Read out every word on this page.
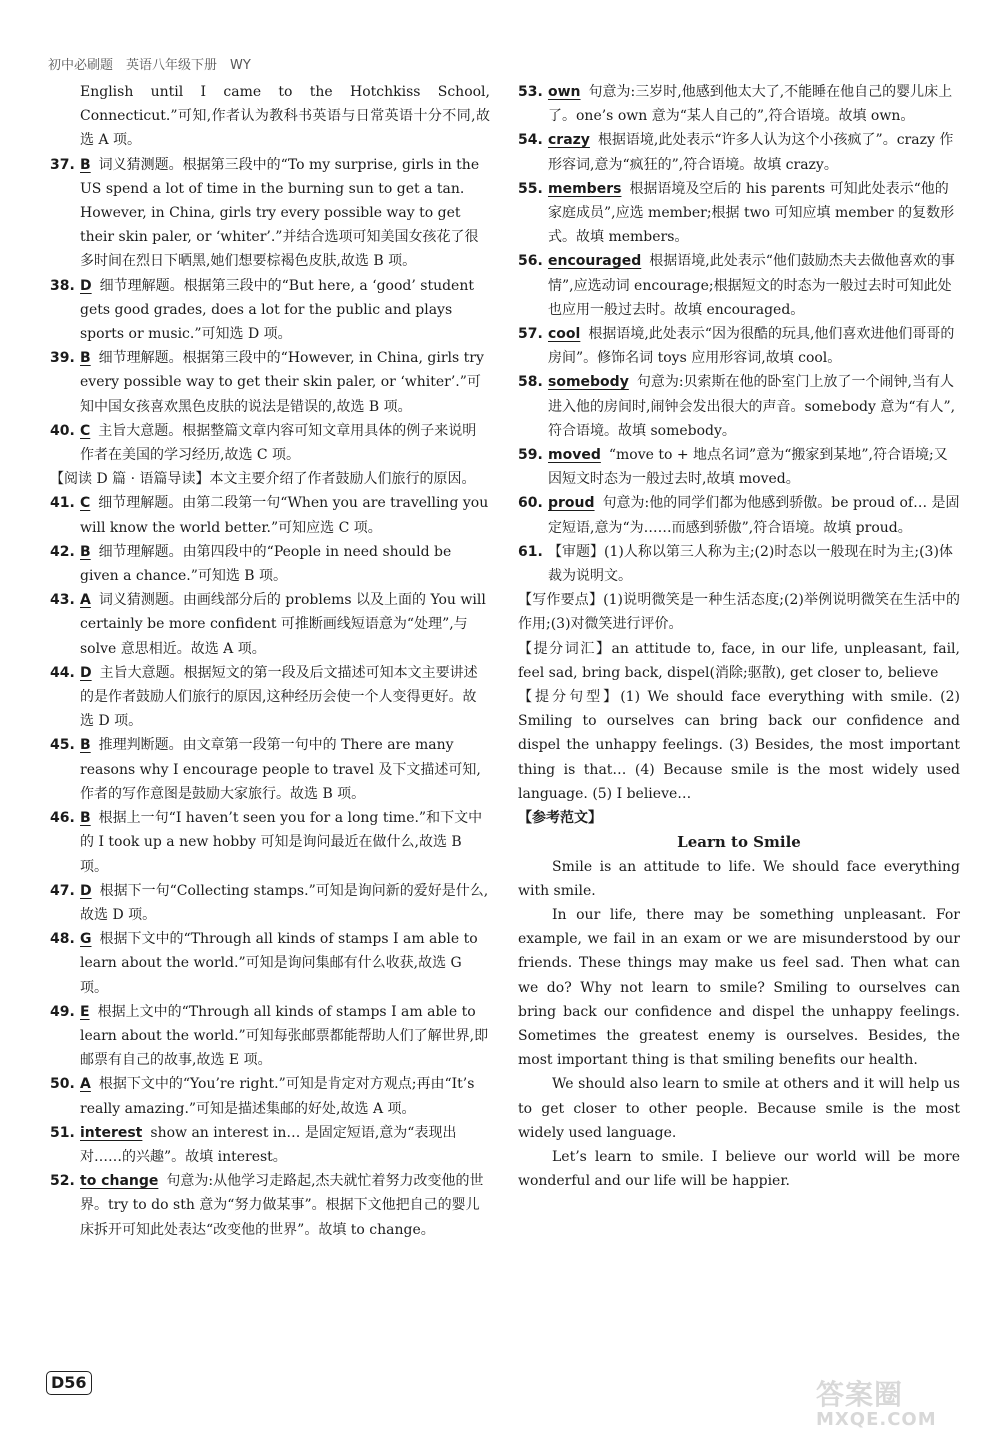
初中必刷题　英语八年级下册　WY
English until I came to the Hotchkiss School, Connecticut.”可知,作者认为教科书英语与日常英语十分不同,故选 A 项。
37. B 词义猜测题。根据第三段中的“To my surprise, girls in the US spend a lot of time in the burning sun to get a tan. However, in China, girls try every possible way to get their skin paler, or ‘whiter’.”并结合选项可知美国女孩花了很多时间在烈日下晒黑,她们想要棕褐色皮肤,故选 B 项。
38. D 细节理解题。根据第三段中的“But here, a ‘good’ student gets good grades, does a lot for the public and plays sports or music.”可知选 D 项。
39. B 细节理解题。根据第三段中的“However, in China, girls try every possible way to get their skin paler, or ‘whiter’.”可知中国女孩喜欢黑色皮肤的说法是错误的,故选 B 项。
40. C 主旨大意题。根据整篇文章内容可知文章用具体的例子来说明作者在美国的学习经历,故选 C 项。
【阅读 D 篇 · 语篇导读】本文主要介绍了作者鼓励人们旅行的原因。
41. C 细节理解题。由第二段第一句“When you are travelling you will know the world better.”可知应选 C 项。
42. B 细节理解题。由第四段中的“People in need should be given a chance.”可知选 B 项。
43. A 词义猜测题。由画线部分后的 problems 以及上面的 You will certainly be more confident 可推断画线短语意为“处理”,与 solve 意思相近。故选 A 项。
44. D 主旨大意题。根据短文的第一段及后文描述可知本文主要讲述的是作者鼓励人们旅行的原因,这种经历会使一个人变得更好。故选 D 项。
45. B 推理判断题。由文章第一段第一句中的 There are many reasons why I encourage people to travel 及下文描述可知,作者的写作意图是鼓励大家旅行。故选 B 项。
46. B 根据上一句“I haven’t seen you for a long time.”和下文中的 I took up a new hobby 可知是询问最近在做什么,故选 B 项。
47. D 根据下一句“Collecting stamps.”可知是询问新的爱好是什么,故选 D 项。
48. G 根据下文中的“Through all kinds of stamps I am able to learn about the world.”可知是询问集邮有什么收获,故选 G 项。
49. E 根据上文中的“Through all kinds of stamps I am able to learn about the world.”可知每张邮票都能帮助人们了解世界,即邮票有自己的故事,故选 E 项。
50. A 根据下文中的“You’re right.”可知是肯定对方观点;再由“It’s really amazing.”可知是描述集邮的好处,故选 A 项。
51. interest show an interest in… 是固定短语,意为“表现出对……的兴趣”。故填 interest。
52. to change 句意为:从他学习走路起,杰夫就忙着努力改变他的世界。try to do sth 意为“努力做某事”。根据下文他把自己的婴儿床拆开可知此处表达“改变他的世界”。故填 to change。
53. own 句意为:三岁时,他感到他太大了,不能睡在他自己的婴儿床上了。one’s own 意为“某人自己的”,符合语境。故填 own。
54. crazy 根据语境,此处表示“许多人认为这个小孩疯了”。crazy 作形容词,意为“疯狂的”,符合语境。故填 crazy。
55. members 根据语境及空后的 his parents 可知此处表示“他的家庭成员”,应选 member;根据 two 可知应填 member 的复数形式。故填 members。
56. encouraged 根据语境,此处表示“他们鼓励杰夫去做他喜欢的事情”,应选动词 encourage;根据短文的时态为一般过去时可知此处也应用一般过去时。故填 encouraged。
57. cool 根据语境,此处表示“因为很酷的玩具,他们喜欢进他们哥哥的房间”。修饰名词 toys 应用形容词,故填 cool。
58. somebody 句意为:贝索斯在他的卧室门上放了一个闹钟,当有人进入他的房间时,闹钟会发出很大的声音。somebody 意为“有人”,符合语境。故填 somebody。
59. moved “move to + 地点名词”意为“搬家到某地”,符合语境;又因短文时态为一般过去时,故填 moved。
60. proud 句意为:他的同学们都为他感到骄傲。be proud of… 是固定短语,意为“为……而感到骄傲”,符合语境。故填 proud。
61. 【审题】(1)人称以第三人称为主;(2)时态以一般现在时为主;(3)体裁为说明文。
【写作要点】(1)说明微笑是一种生活态度;(2)举例说明微笑在生活中的作用;(3)对微笑进行评价。
【提分词汇】an attitude to, face, in our life, unpleasant, fail, feel sad, bring back, dispel(消除;驱散), get closer to, believe
【提分句型】(1) We should face everything with smile. (2) Smiling to ourselves can bring back our confidence and dispel the unhappy feelings. (3) Besides, the most important thing is that… (4) Because smile is the most widely used language. (5) I believe…
【参考范文】
Learn to Smile
Smile is an attitude to life. We should face everything with smile.
In our life, there may be something unpleasant. For example, we fail in an exam or we are misunderstood by our friends. These things may make us feel sad. Then what can we do? Why not learn to smile? Smiling to ourselves can bring back our confidence and dispel the unhappy feelings. Sometimes the greatest enemy is ourselves. Besides, the most important thing is that smiling benefits our health.
We should also learn to smile at others and it will help us to get closer to other people. Because smile is the most widely used language.
Let’s learn to smile. I believe our world will be more wonderful and our life will be happier.
D56	答案圈
MXQE.COM
